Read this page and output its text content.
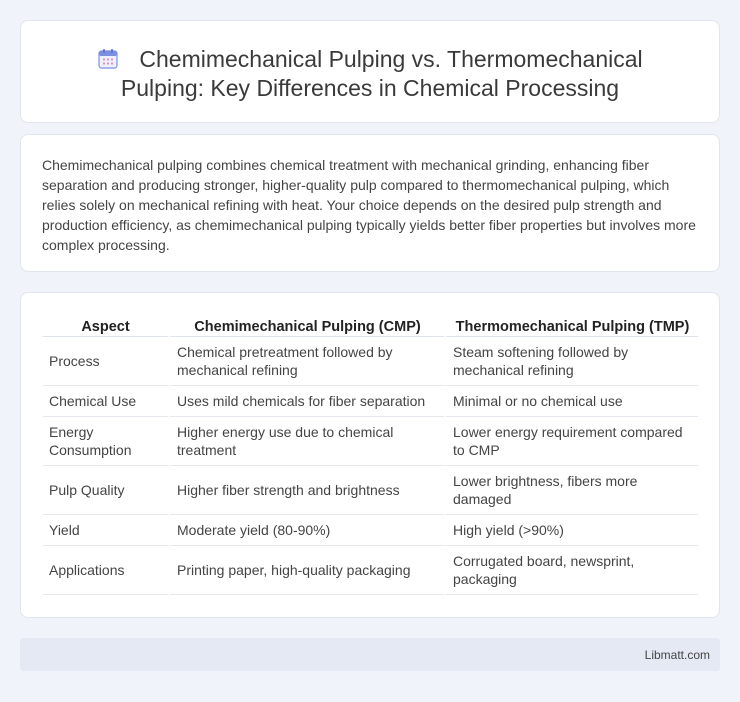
Chemimechanical Pulping vs. Thermomechanical Pulping: Key Differences in Chemical Processing

Chemimechanical pulping combines chemical treatment with mechanical grinding, enhancing fiber separation and producing stronger, higher-quality pulp compared to thermomechanical pulping, which relies solely on mechanical refining with heat. Your choice depends on the desired pulp strength and production efficiency, as chemimechanical pulping typically yields better fiber properties but involves more complex processing.

Aspect	Chemimechanical Pulping (CMP)	Thermomechanical Pulping (TMP)
Process	Chemical pretreatment followed by mechanical refining	Steam softening followed by mechanical refining
Chemical Use	Uses mild chemicals for fiber separation	Minimal or no chemical use
Energy Consumption	Higher energy use due to chemical treatment	Lower energy requirement compared to CMP
Pulp Quality	Higher fiber strength and brightness	Lower brightness, fibers more damaged
Yield	Moderate yield (80-90%)	High yield (>90%)
Applications	Printing paper, high-quality packaging	Corrugated board, newsprint, packaging
Libmatt.com
